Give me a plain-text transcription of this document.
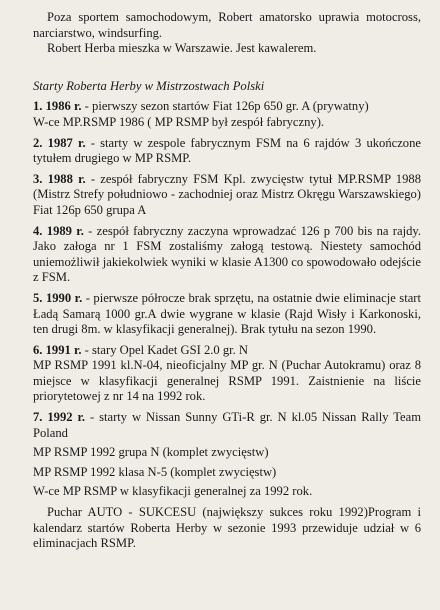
Poza sportem samochodowym, Robert amatorsko uprawia motocross, narciarstwo, windsurfing.

Robert Herba mieszka w Warszawie. Jest kawalerem.

Starty Roberta Herby w Mistrzostwach Polski

1. 1986 r. - pierwszy sezon startów Fiat 126p 650 gr. A (prywatny)

W-ce MP.RSMP 1986 ( MP RSMP był zespół fabryczny).

2. 1987 r. - starty w zespole fabrycznym FSM na 6 rajdów 3 ukończone tytułem drugiego w MP RSMP.

3. 1988 r. - zespół fabryczny FSM Kpl. zwycięstw tytuł MP.RSMP 1988 (Mistrz Strefy południowo - zachodniej oraz Mistrz Okręgu Warszawskiego) Fiat 126p 650 grupa A

4. 1989 r. - zespół fabryczny zaczyna wprowadzać 126 p 700 bis na rajdy. Jako załoga nr 1 FSM zostaliśmy załogą testową. Niestety samochód uniemożliwił jakiekolwiek wyniki w klasie A1300 co spowodowało odejście z FSM.

5. 1990 r. - pierwsze półrocze brak sprzętu, na ostatnie dwie eliminacje start Ładą Samarą 1000 gr.A dwie wygrane w klasie (Rajd Wisły i Karkonoski, ten drugi 8m. w klasyfikacji generalnej). Brak tytułu na sezon 1990.

6. 1991 r. - stary Opel Kadet GSI 2.0 gr. N

MP RSMP 1991 kl.N-04, nieoficjalny MP gr. N (Puchar Autokramu) oraz 8 miejsce w klasyfikacji generalnej RSMP 1991. Zaistnienie na liście priorytetowej z nr 14 na 1992 rok.

7. 1992 r. - starty w Nissan Sunny GTi-R gr. N kl.05 Nissan Rally Team Poland

MP RSMP 1992 grupa N (komplet zwycięstw)

MP RSMP 1992 klasa N-5 (komplet zwycięstw)

W-ce MP RSMP w klasyfikacji generalnej za 1992 rok.

Puchar AUTO - SUKCESU (największy sukces roku 1992)Program i kalendarz startów Roberta Herby w sezonie 1993 przewiduje udział w 6 eliminacjach RSMP.
